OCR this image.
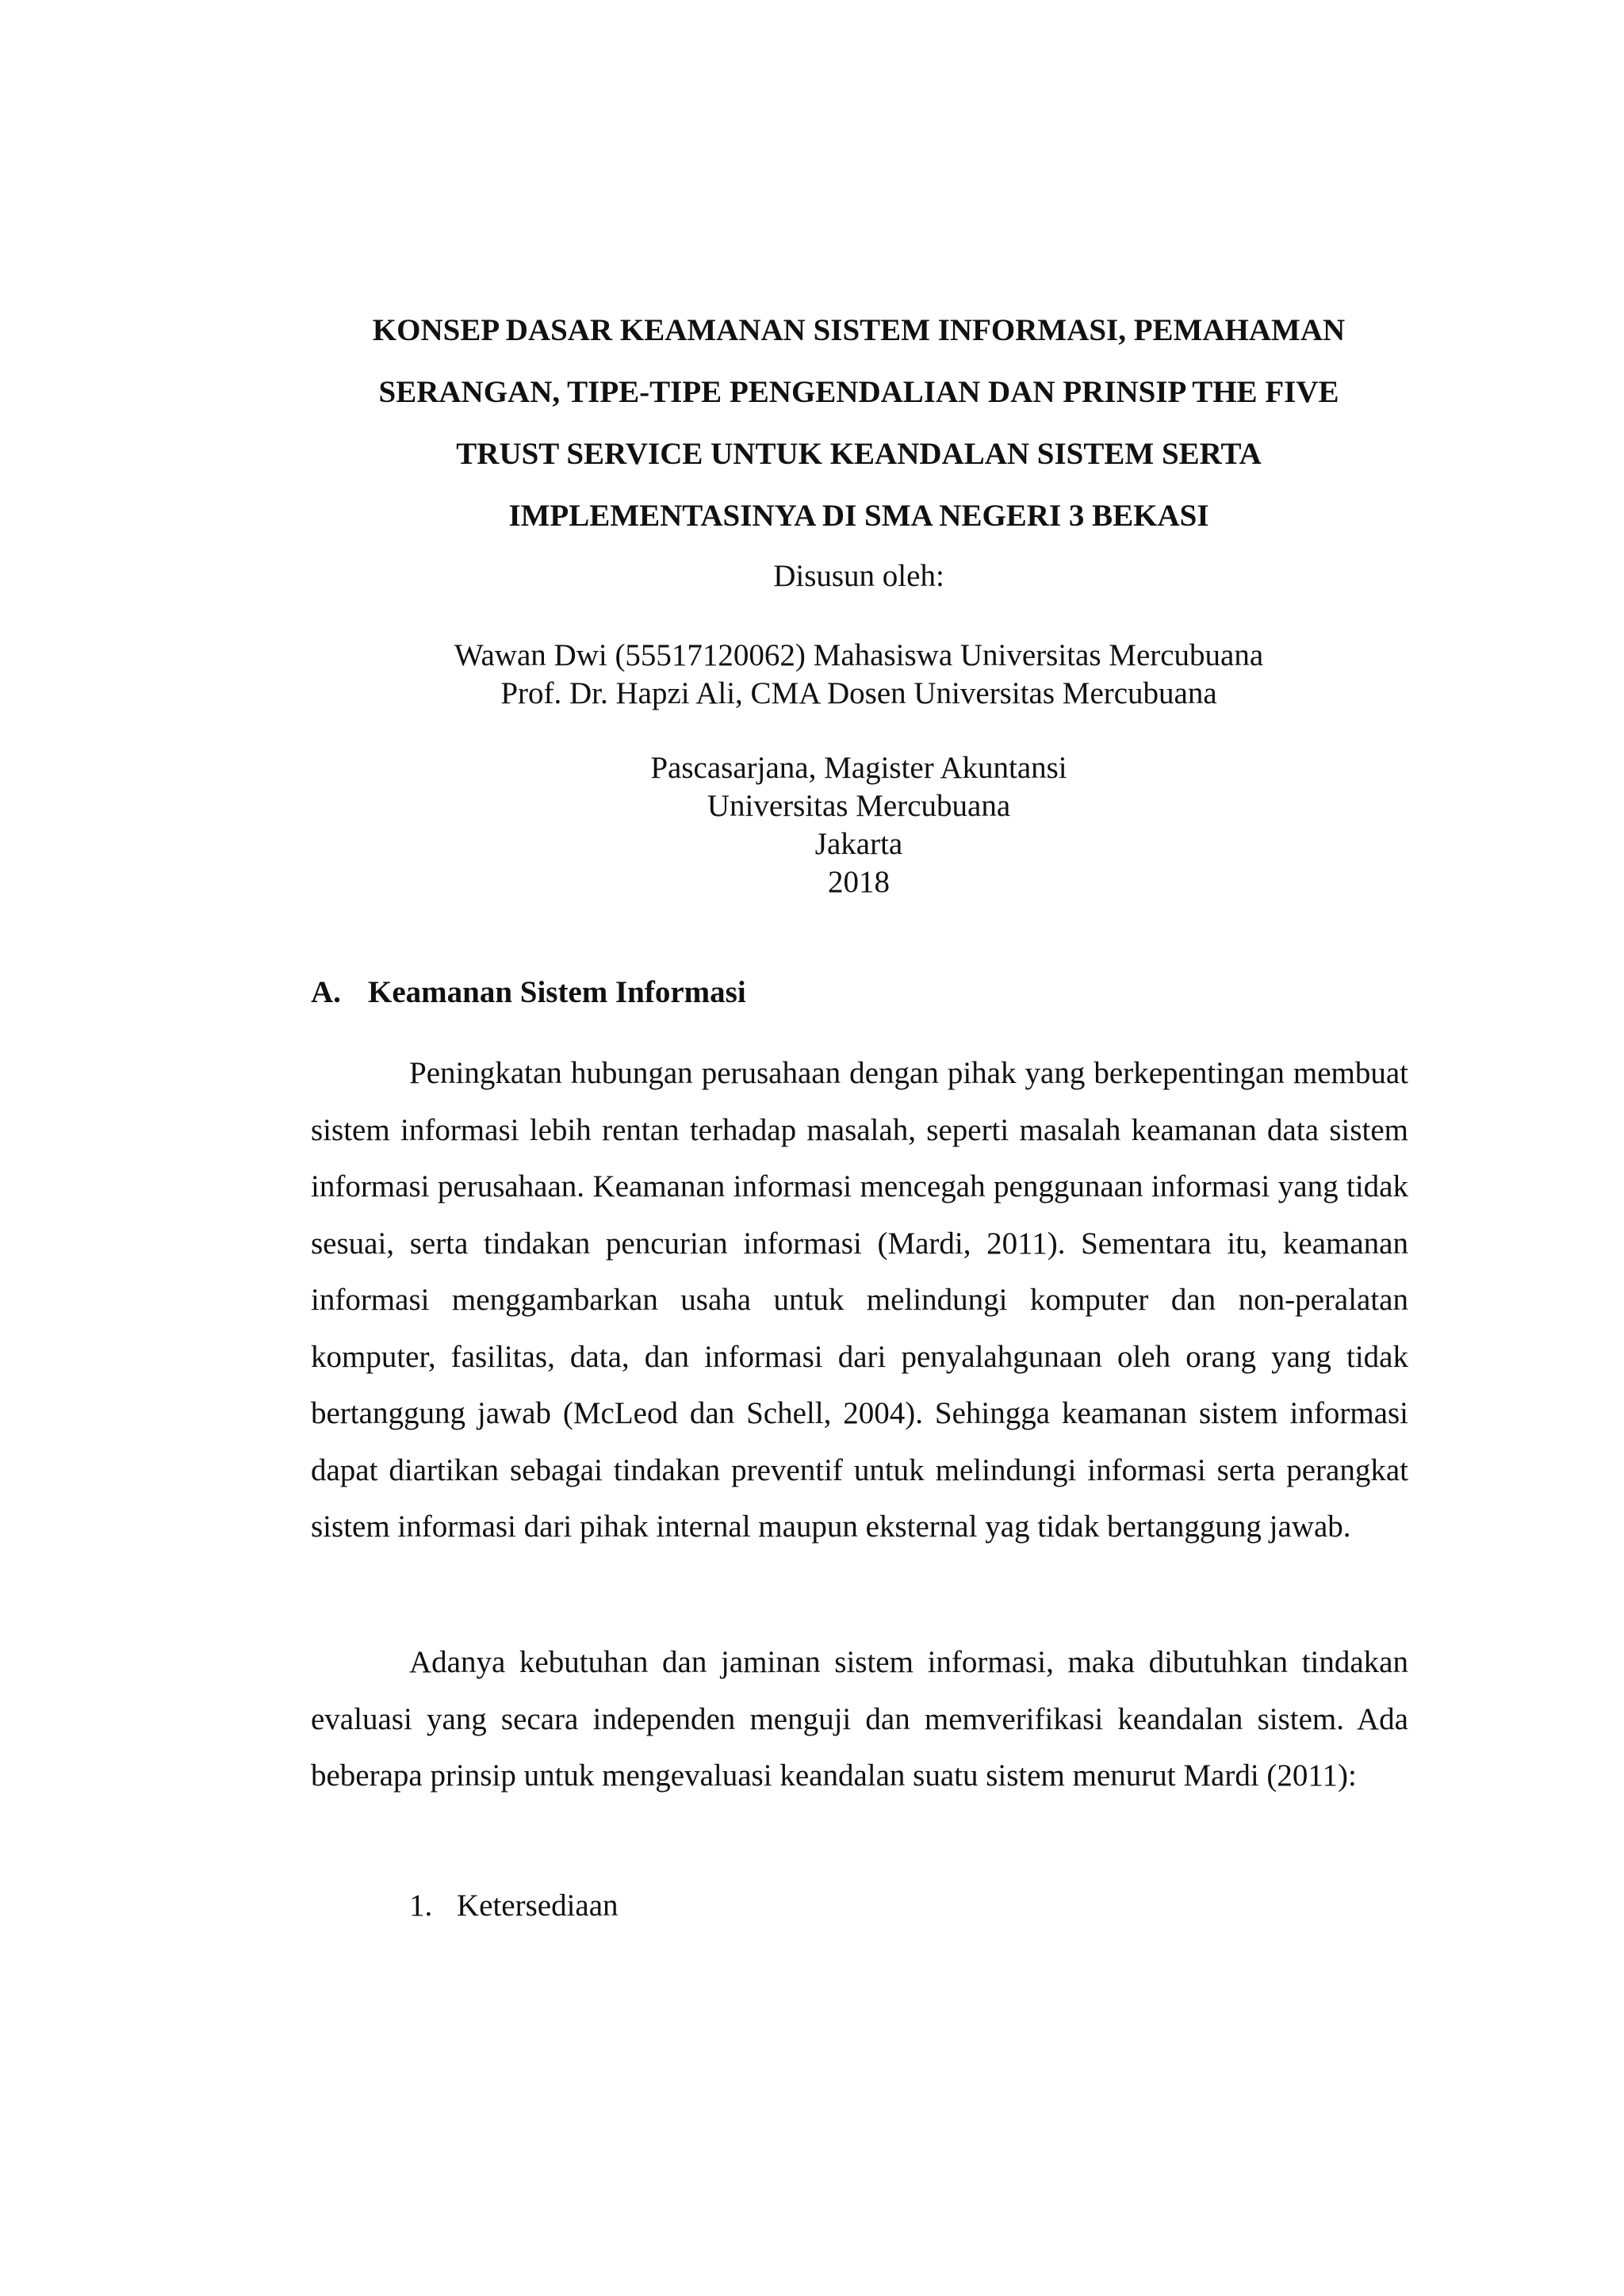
KONSEP DASAR KEAMANAN SISTEM INFORMASI, PEMAHAMAN
SERANGAN, TIPE-TIPE PENGENDALIAN DAN PRINSIP THE FIVE
TRUST SERVICE UNTUK KEANDALAN SISTEM SERTA
IMPLEMENTASINYA DI SMA NEGERI 3 BEKASI

Disusun oleh:

Wawan Dwi (55517120062) Mahasiswa Universitas Mercubuana

Prof. Dr. Hapzi Ali, CMA Dosen Universitas Mercubuana

Pascasarjana, Magister Akuntansi

Universitas Mercubuana

Jakarta

2018

A. Keamanan Sistem Informasi

Peningkatan hubungan perusahaan dengan pihak yang berkepentingan membuat sistem informasi lebih rentan terhadap masalah, seperti masalah keamanan data sistem informasi perusahaan. Keamanan informasi mencegah penggunaan informasi yang tidak sesuai, serta tindakan pencurian informasi (Mardi, 2011). Sementara itu, keamanan informasi menggambarkan usaha untuk melindungi komputer dan non-peralatan komputer, fasilitas, data, dan informasi dari penyalahgunaan oleh orang yang tidak bertanggung jawab (McLeod dan Schell, 2004). Sehingga keamanan sistem informasi dapat diartikan sebagai tindakan preventif untuk melindungi informasi serta perangkat sistem informasi dari pihak internal maupun eksternal yag tidak bertanggung jawab.

Adanya kebutuhan dan jaminan sistem informasi, maka dibutuhkan tindakan evaluasi yang secara independen menguji dan memverifikasi keandalan sistem. Ada beberapa prinsip untuk mengevaluasi keandalan suatu sistem menurut Mardi (2011):

1. Ketersediaan
